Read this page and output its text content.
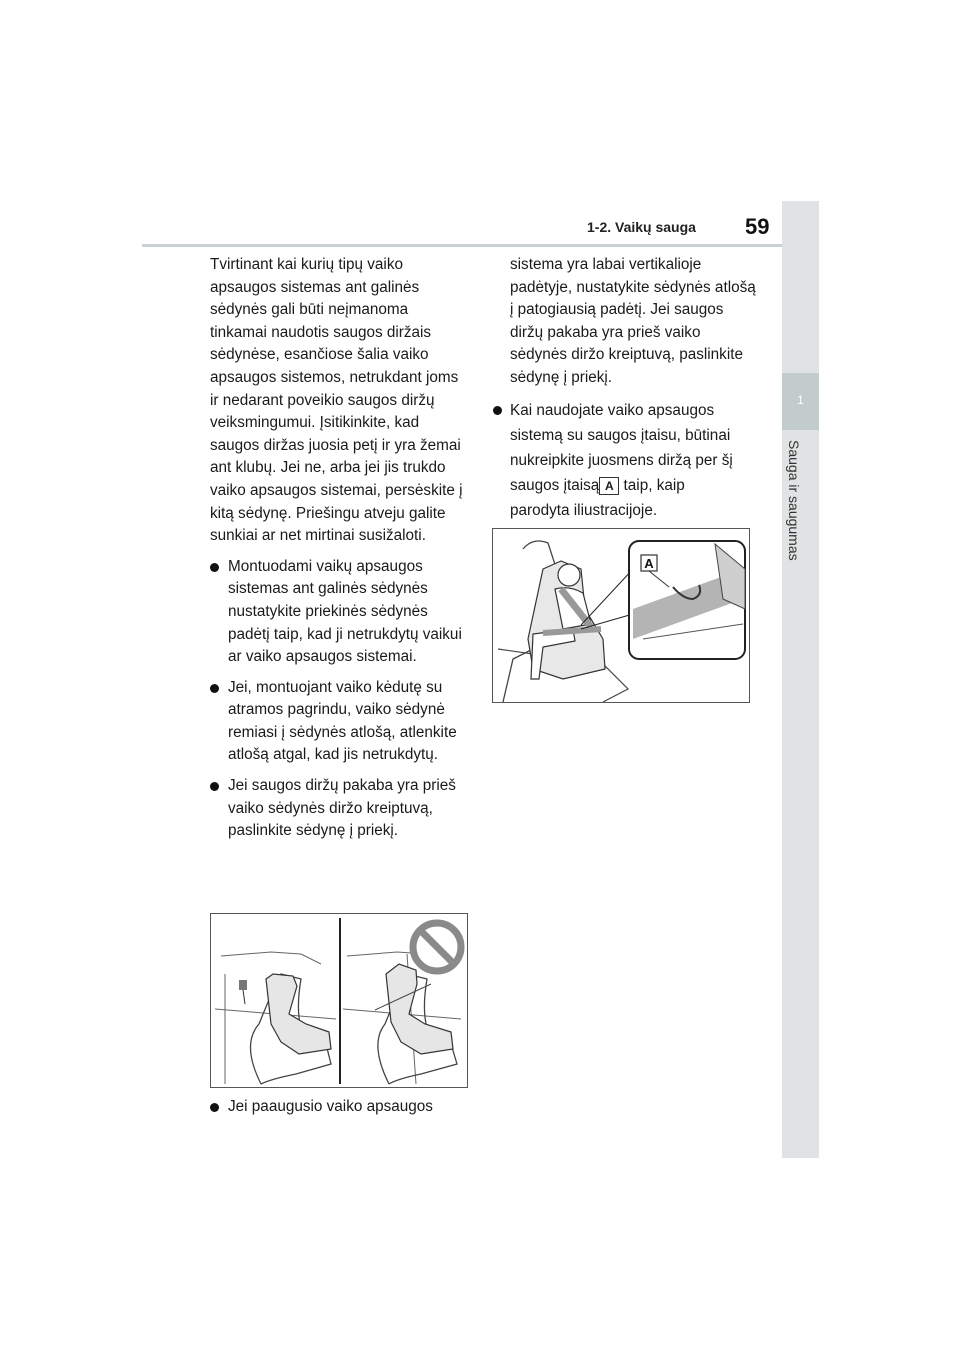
1-2. Vaikų sauga 59
1
Sauga ir saugumas

Tvirtinant kai kurių tipų vaiko apsaugos sistemas ant galinės sėdynės gali būti neįmanoma tinkamai naudotis saugos diržais sėdynėse, esančiose šalia vaiko apsaugos sistemos, netrukdant joms ir nedarant poveikio saugos diržų veiksmingumui. Įsitikinkite, kad saugos diržas juosia petį ir yra žemai ant klubų. Jei ne, arba jei jis trukdo vaiko apsaugos sistemai, persėskite į kitą sėdynę. Priešingu atveju galite sunkiai ar net mirtinai susižaloti.

Montuodami vaikų apsaugos sistemas ant galinės sėdynės nustatykite priekinės sėdynės padėtį taip, kad ji netrukdytų vaikui ar vaiko apsaugos sistemai.

Jei, montuojant vaiko kėdutę su atramos pagrindu, vaiko sėdynė remiasi į sėdynės atlošą, atlenkite atlošą atgal, kad jis netrukdytų.

Jei saugos diržų pakaba yra prieš vaiko sėdynės diržo kreiptuvą, paslinkite sėdynę į priekį.

Jei paaugusio vaiko apsaugos

sistema yra labai vertikalioje padėtyje, nustatykite sėdynės atlošą į patogiausią padėtį. Jei saugos diržų pakaba yra prieš vaiko sėdynės diržo kreiptuvą, paslinkite sėdynę į priekį.

Kai naudojate vaiko apsaugos sistemą su saugos įtaisu, būtinai nukreipkite juosmens diržą per šį saugos įtaisą A taip, kaip parodyta iliustracijoje.

A
